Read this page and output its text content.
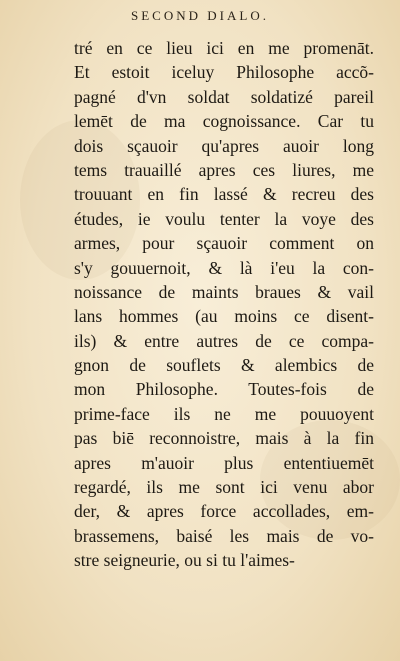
SECOND DIALO.
tré en ce lieu ici en me promenāt.
Et estoit iceluy Philosophe accõ-
pagné d'vn soldat soldatizé pareil
lemēt de ma cognoissance. Car tu
dois sçauoir qu'apres auoir long
tems trauaillé apres ces liures, me
trouuant en fin lassé & recreu des
études, ie voulu tenter la voye des
armes, pour sçauoir comment on
s'y gouuernoit, & là i'eu la con-
noissance de maints braues & vail
lans hommes (au moins ce disent-
ils) & entre autres de ce compa-
gnon de souflets & alembics de
mon Philosophe. Toutes-fois de
prime-face ils ne me pouuoyent
pas biē reconnoistre, mais à la fin
apres m'auoir plus ententiuemēt
regardé, ils me sont ici venu abor
der, & apres force accollades, em-
brassemens, baisé les mais de vo-
stre seigneurie, ou si tu l'aimes-
